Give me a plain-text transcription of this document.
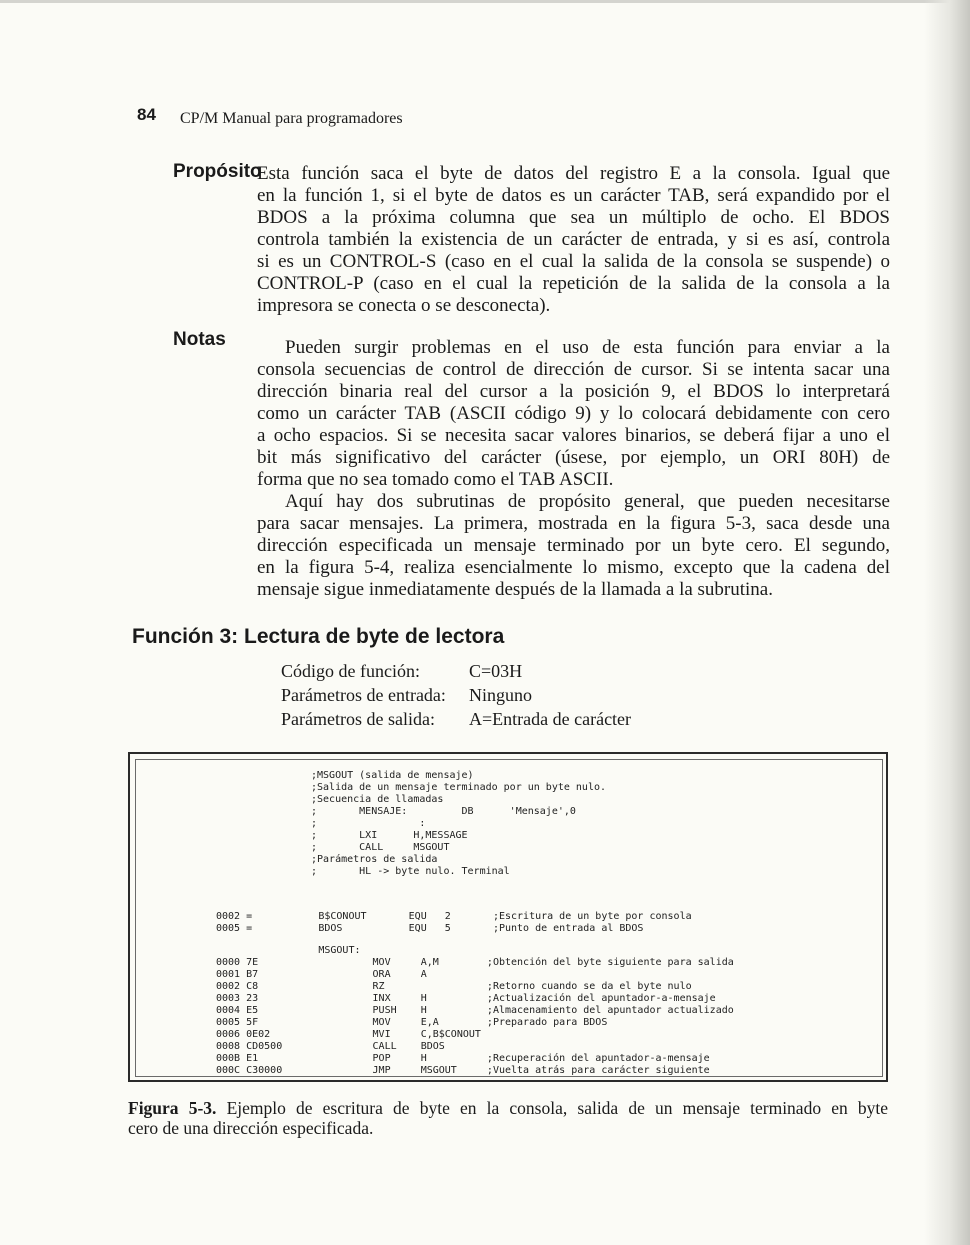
84 CP/M Manual para programadores
Propósito
Esta función saca el byte de datos del registro E a la consola. Igual que
en la función 1, si el byte de datos es un carácter TAB, será expandido por el
BDOS a la próxima columna que sea un múltiplo de ocho. El BDOS
controla también la existencia de un carácter de entrada, y si es así, controla
si es un CONTROL-S (caso en el cual la salida de la consola se suspende) o
CONTROL-P (caso en el cual la repetición de la salida de la consola a la
impresora se conecta o se desconecta).
Notas	Pueden surgir problemas en el uso de esta función para enviar a la
consola secuencias de control de dirección de cursor. Si se intenta sacar una
dirección binaria real del cursor a la posición 9, el BDOS lo interpretará
como un carácter TAB (ASCII código 9) y lo colocará debidamente con cero
a ocho espacios. Si se necesita sacar valores binarios, se deberá fijar a uno el
bit más significativo del carácter (úsese, por ejemplo, un ORI 80H) de
forma que no sea tomado como el TAB ASCII.
Aquí hay dos subrutinas de propósito general, que pueden necesitarse
para sacar mensajes. La primera, mostrada en la figura 5-3, saca desde una
dirección especificada un mensaje terminado por un byte cero. El segundo,
en la figura 5-4, realiza esencialmente lo mismo, excepto que la cadena del
mensaje sigue inmediatamente después de la llamada a la subrutina.
Función 3: Lectura de byte de lectora
Código de función:	C=03H
Parámetros de entrada:	Ninguno
Parámetros de salida:	A=Entrada de carácter
;MSGOUT (salida de mensaje)
;Salida de un mensaje terminado por un byte nulo.
;Secuencia de llamadas
;       MENSAJE:         DB      'Mensaje',0
;                 :
;       LXI      H,MESSAGE
;       CALL     MSGOUT
;Parámetros de salida
;       HL -> byte nulo. Terminal
0002 =           B$CONOUT       EQU   2       ;Escritura de un byte por consola
0005 =           BDOS           EQU   5       ;Punto de entrada al BDOS
MSGOUT:
0000 7E                   MOV     A,M        ;Obtención del byte siguiente para salida
0001 B7                   ORA     A
0002 C8                   RZ                 ;Retorno cuando se da el byte nulo
0003 23                   INX     H          ;Actualización del apuntador-a-mensaje
0004 E5                   PUSH    H          ;Almacenamiento del apuntador actualizado
0005 5F                   MOV     E,A        ;Preparado para BDOS
0006 0E02                 MVI     C,B$CONOUT
0008 CD0500               CALL    BDOS
000B E1                   POP     H          ;Recuperación del apuntador-a-mensaje
000C C30000               JMP     MSGOUT     ;Vuelta atrás para carácter siguiente
Figura 5-3. Ejemplo de escritura de byte en la consola, salida de un mensaje terminado en byte
cero de una dirección especificada.
